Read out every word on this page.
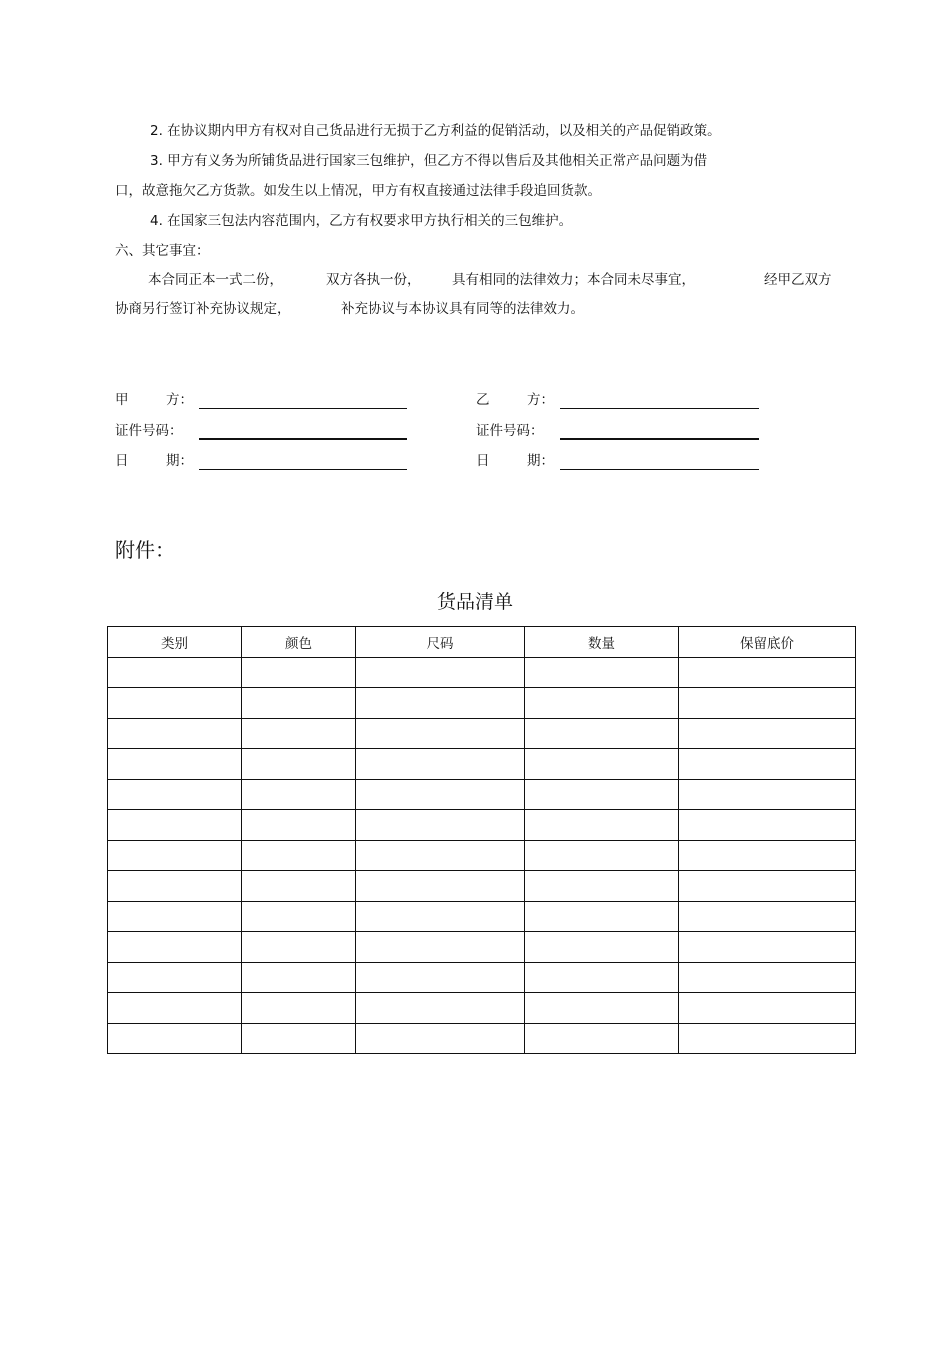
2. 在协议期内甲方有权对自己货品进行无损于乙方利益的促销活动，以及相关的产品促销政策。
3. 甲方有义务为所铺货品进行国家三包维护，但乙方不得以售后及其他相关正常产品问题为借
口，故意拖欠乙方货款。如发生以上情况，甲方有权直接通过法律手段追回货款。
4. 在国家三包法内容范围内，乙方有权要求甲方执行相关的三包维护。
六、其它事宜：
本合同正本一式二份，	双方各执一份， 具有相同的法律效力；本合同未尽事宜，	经甲乙双方
协商另行签订补充协议规定，	补充协议与本协议具有同等的法律效力。
甲	方：
证件号码：
日	期：
乙	方：
证件号码：
日	期：
附件：
货品清单
类别	颜色	尺码	数量	保留底价
